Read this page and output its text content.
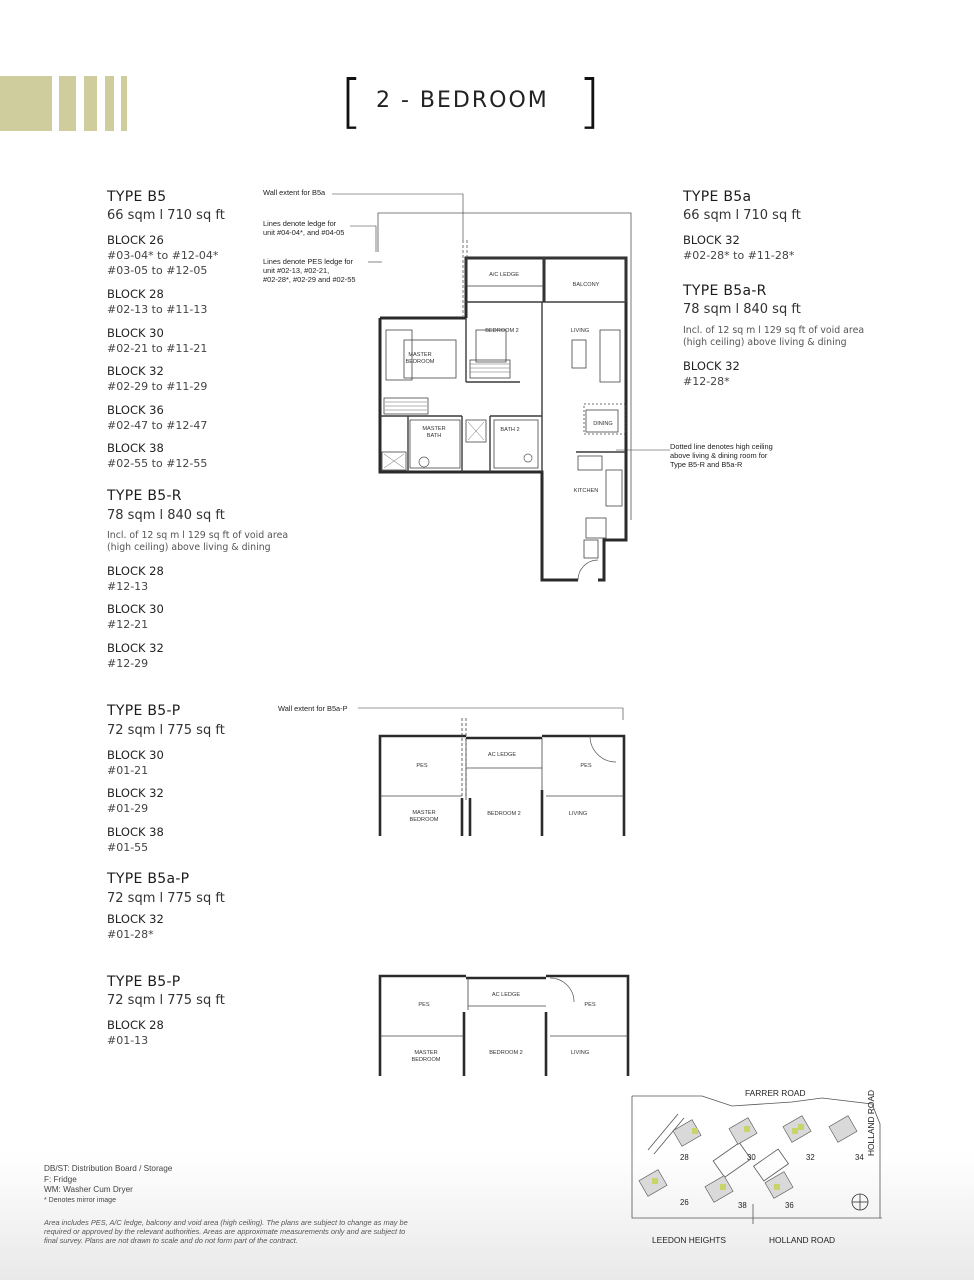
[ 2 - BEDROOM ]
TYPE B5
66 sqm l 710 sq ft
BLOCK 26
#03-04* to #12-04*
#03-05 to #12-05
BLOCK 28
#02-13 to #11-13
BLOCK 30
#02-21 to #11-21
BLOCK 32
#02-29 to #11-29
BLOCK 36
#02-47 to #12-47
BLOCK 38
#02-55 to #12-55
TYPE B5-R
78 sqm l 840 sq ft
Incl. of 12 sq m l 129 sq ft of void area
(high ceiling) above living & dining
BLOCK 28
#12-13
BLOCK 30
#12-21
BLOCK 32
#12-29
TYPE B5-P
72 sqm l 775 sq ft
BLOCK 30
#01-21
BLOCK 32
#01-29
BLOCK 38
#01-55
TYPE B5a-P
72 sqm l 775 sq ft
BLOCK 32
#01-28*
TYPE B5-P
72 sqm l 775 sq ft
BLOCK 28
#01-13
TYPE B5a
66 sqm l 710 sq ft
BLOCK 32
#02-28* to #11-28*
TYPE B5a-R
78 sqm l 840 sq ft
Incl. of 12 sq m l 129 sq ft of void area
(high ceiling) above living & dining
BLOCK 32
#12-28*
Wall extent for B5a
Lines denote ledge for
unit #04-04*, and #04-05
Lines denote PES ledge for
unit #02-13, #02-21,
#02-28*, #02-29 and #02-55
Dotted line denotes high ceiling
above living & dining room for
Type B5-R and B5a-R
Wall extent for B5a-P
A/C LEDGE
BALCONY
BEDROOM 2	LIVING
MASTER
BEDROOM
MASTER
BATH
BATH 2
DINING
KITCHEN
PES
AC LEDGE
PES
MASTER
BEDROOM
BEDROOM 2	LIVING
PES
AC LEDGE
PES
MASTER
BEDROOM
BEDROOM 2	LIVING
FARRER ROAD	HOLLAND ROAD
LEEDON HEIGHTS	HOLLAND ROAD
28	30	32	34
26	38	36
DB/ST: Distribution Board / Storage
F: Fridge
WM: Washer Cum Dryer
* Denotes mirror image
Area includes PES, A/C ledge, balcony and void area (high ceiling). The plans are subject to change as may be
required or approved by the relevant authorities. Areas are approximate measurements only and are subject to
final survey. Plans are not drawn to scale and do not form part of the contract.
